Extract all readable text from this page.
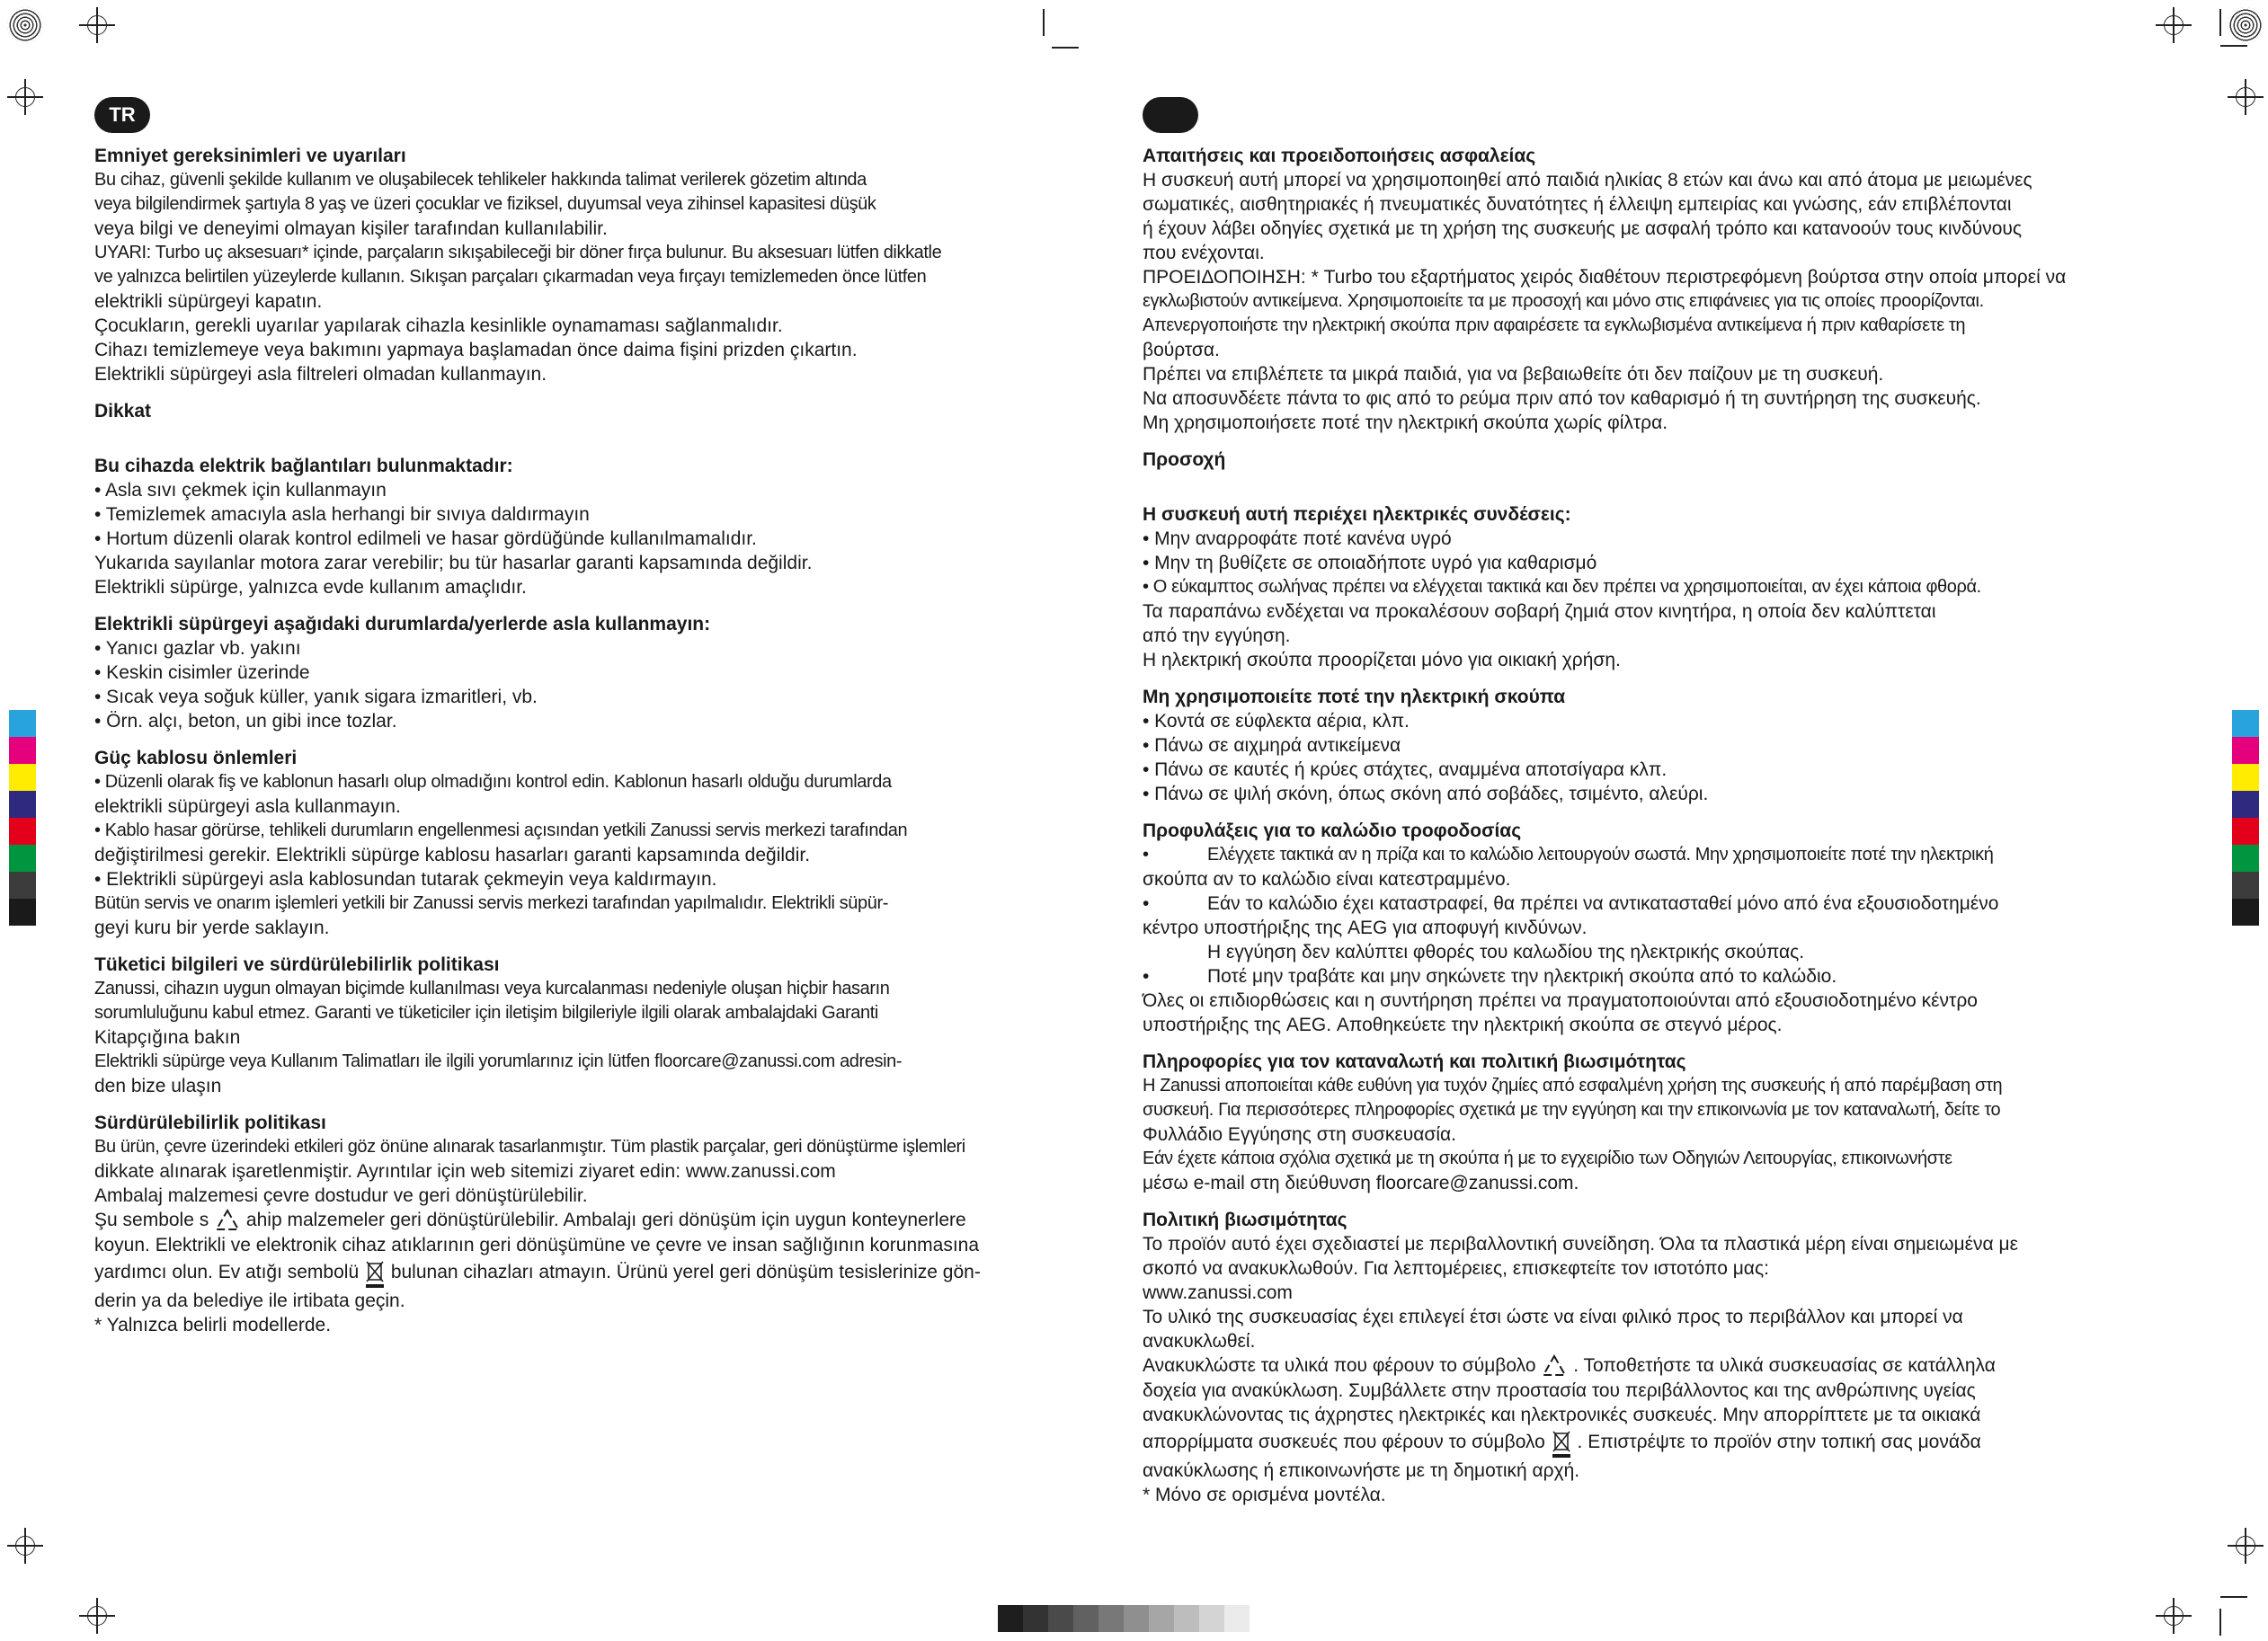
TR
Emniyet gereksinimleri ve uyarıları
Bu cihaz, güvenli şekilde kullanım ve oluşabilecek tehlikeler hakkında talimat verilerek gözetim altında
veya bilgilendirmek şartıyla 8 yaş ve üzeri çocuklar ve fiziksel, duyumsal veya zihinsel kapasitesi düşük
veya bilgi ve deneyimi olmayan kişiler tarafından kullanılabilir.
UYARI: Turbo uç aksesuarı* içinde, parçaların sıkışabileceği bir döner fırça bulunur. Bu aksesuarı lütfen dikkatle
ve yalnızca belirtilen yüzeylerde kullanın. Sıkışan parçaları çıkarmadan veya fırçayı temizlemeden önce lütfen
elektrikli süpürgeyi kapatın.
Çocukların, gerekli uyarılar yapılarak cihazla kesinlikle oynamaması sağlanmalıdır.
Cihazı temizlemeye veya bakımını yapmaya başlamadan önce daima fişini prizden çıkartın.
Elektrikli süpürgeyi asla filtreleri olmadan kullanmayın.
Dikkat
Bu cihazda elektrik bağlantıları bulunmaktadır:
• Asla sıvı çekmek için kullanmayın
• Temizlemek amacıyla asla herhangi bir sıvıya daldırmayın
• Hortum düzenli olarak kontrol edilmeli ve hasar gördüğünde kullanılmamalıdır.
Yukarıda sayılanlar motora zarar verebilir; bu tür hasarlar garanti kapsamında değildir.
Elektrikli süpürge, yalnızca evde kullanım amaçlıdır.
Elektrikli süpürgeyi aşağıdaki durumlarda/yerlerde asla kullanmayın:
• Yanıcı gazlar vb. yakını
• Keskin cisimler üzerinde
• Sıcak veya soğuk küller, yanık sigara izmaritleri, vb.
• Örn. alçı, beton, un gibi ince tozlar.
Güç kablosu önlemleri
• Düzenli olarak fiş ve kablonun hasarlı olup olmadığını kontrol edin. Kablonun hasarlı olduğu durumlarda
elektrikli süpürgeyi asla kullanmayın.
• Kablo hasar görürse, tehlikeli durumların engellenmesi açısından yetkili Zanussi servis merkezi tarafından
değiştirilmesi gerekir. Elektrikli süpürge kablosu hasarları garanti kapsamında değildir.
• Elektrikli süpürgeyi asla kablosundan tutarak çekmeyin veya kaldırmayın.
Bütün servis ve onarım işlemleri yetkili bir Zanussi servis merkezi tarafından yapılmalıdır. Elektrikli süpür-
geyi kuru bir yerde saklayın.
Tüketici bilgileri ve sürdürülebilirlik politikası
Zanussi, cihazın uygun olmayan biçimde kullanılması veya kurcalanması nedeniyle oluşan hiçbir hasarın
sorumluluğunu kabul etmez. Garanti ve tüketiciler için iletişim bilgileriyle ilgili olarak ambalajdaki Garanti
Kitapçığına bakın
Elektrikli süpürge veya Kullanım Talimatları ile ilgili yorumlarınız için lütfen floorcare@zanussi.com adresin-
den bize ulaşın
Sürdürülebilirlik politikası
Bu ürün, çevre üzerindeki etkileri göz önüne alınarak tasarlanmıştır. Tüm plastik parçalar, geri dönüştürme işlemleri
dikkate alınarak işaretlenmiştir. Ayrıntılar için web sitemizi ziyaret edin: www.zanussi.com
Ambalaj malzemesi çevre dostudur ve geri dönüştürülebilir.
Şu sembole s ahip malzemeler geri dönüştürülebilir. Ambalajı geri dönüşüm için uygun konteynerlere
koyun. Elektrikli ve elektronik cihaz atıklarının geri dönüşümüne ve çevre ve insan sağlığının korunmasına
yardımcı olun. Ev atığı sembolü bulunan cihazları atmayın. Ürünü yerel geri dönüşüm tesislerinize gön-
derin ya da belediye ile irtibata geçin.
* Yalnızca belirli modellerde.
Απαιτήσεις και προειδοποιήσεις ασφαλείας
Η συσκευή αυτή μπορεί να χρησιμοποιηθεί από παιδιά ηλικίας 8 ετών και άνω και από άτομα με μειωμένες
σωματικές, αισθητηριακές ή πνευματικές δυνατότητες ή έλλειψη εμπειρίας και γνώσης, εάν επιβλέπονται
ή έχουν λάβει οδηγίες σχετικά με τη χρήση της συσκευής με ασφαλή τρόπο και κατανοούν τους κινδύνους
που ενέχονται.
ΠΡΟΕΙΔΟΠΟΙΗΣΗ: * Turbo του εξαρτήματος χειρός διαθέτουν περιστρεφόμενη βούρτσα στην οποία μπορεί να
εγκλωβιστούν αντικείμενα. Χρησιμοποιείτε τα με προσοχή και μόνο στις επιφάνειες για τις οποίες προορίζονται.
Απενεργοποιήστε την ηλεκτρική σκούπα πριν αφαιρέσετε τα εγκλωβισμένα αντικείμενα ή πριν καθαρίσετε τη
βούρτσα.
Πρέπει να επιβλέπετε τα μικρά παιδιά, για να βεβαιωθείτε ότι δεν παίζουν με τη συσκευή.
Να αποσυνδέετε πάντα το φις από το ρεύμα πριν από τον καθαρισμό ή τη συντήρηση της συσκευής.
Μη χρησιμοποιήσετε ποτέ την ηλεκτρική σκούπα χωρίς φίλτρα.
Προσοχή
Η συσκευή αυτή περιέχει ηλεκτρικές συνδέσεις:
• Μην αναρροφάτε ποτέ κανένα υγρό
• Μην τη βυθίζετε σε οποιαδήποτε υγρό για καθαρισμό
• Ο εύκαμπτος σωλήνας πρέπει να ελέγχεται τακτικά και δεν πρέπει να χρησιμοποιείται, αν έχει κάποια φθορά.
Τα παραπάνω ενδέχεται να προκαλέσουν σοβαρή ζημιά στον κινητήρα, η οποία δεν καλύπτεται
από την εγγύηση.
Η ηλεκτρική σκούπα προορίζεται μόνο για οικιακή χρήση.
Μη χρησιμοποιείτε ποτέ την ηλεκτρική σκούπα
• Κοντά σε εύφλεκτα αέρια, κλπ.
• Πάνω σε αιχμηρά αντικείμενα
• Πάνω σε καυτές ή κρύες στάχτες, αναμμένα αποτσίγαρα κλπ.
• Πάνω σε ψιλή σκόνη, όπως σκόνη από σοβάδες, τσιμέντο, αλεύρι.
Προφυλάξεις για το καλώδιο τροφοδοσίας
•	Ελέγχετε τακτικά αν η πρίζα και το καλώδιο λειτουργούν σωστά. Μην χρησιμοποιείτε ποτέ την ηλεκτρική
σκούπα αν το καλώδιο είναι κατεστραμμένο.
•	Εάν το καλώδιο έχει καταστραφεί, θα πρέπει να αντικατασταθεί μόνο από ένα εξουσιοδοτημένο
κέντρο υποστήριξης της AEG για αποφυγή κινδύνων.
Η εγγύηση δεν καλύπτει φθορές του καλωδίου της ηλεκτρικής σκούπας.
•	Ποτέ μην τραβάτε και μην σηκώνετε την ηλεκτρική σκούπα από το καλώδιο.
Όλες οι επιδιορθώσεις και η συντήρηση πρέπει να πραγματοποιούνται από εξουσιοδοτημένο κέντρο
υποστήριξης της AEG. Αποθηκεύετε την ηλεκτρική σκούπα σε στεγνό μέρος.
Πληροφορίες για τον καταναλωτή και πολιτική βιωσιμότητας
Η Zanussi αποποιείται κάθε ευθύνη για τυχόν ζημίες από εσφαλμένη χρήση της συσκευής ή από παρέμβαση στη
συσκευή. Για περισσότερες πληροφορίες σχετικά με την εγγύηση και την επικοινωνία με τον καταναλωτή, δείτε το
Φυλλάδιο Εγγύησης στη συσκευασία.
Εάν έχετε κάποια σχόλια σχετικά με τη σκούπα ή με το εγχειρίδιο των Οδηγιών Λειτουργίας, επικοινωνήστε
μέσω e-mail στη διεύθυνση floorcare@zanussi.com.
Πολιτική βιωσιμότητας
Το προϊόν αυτό έχει σχεδιαστεί με περιβαλλοντική συνείδηση. Όλα τα πλαστικά μέρη είναι σημειωμένα με
σκοπό να ανακυκλωθούν. Για λεπτομέρειες, επισκεφτείτε τον ιστοτόπο μας:
www.zanussi.com
Το υλικό της συσκευασίας έχει επιλεγεί έτσι ώστε να είναι φιλικό προς το περιβάλλον και μπορεί να
ανακυκλωθεί.
Ανακυκλώστε τα υλικά που φέρουν το σύμβολο . Τοποθετήστε τα υλικά συσκευασίας σε κατάλληλα
δοχεία για ανακύκλωση. Συμβάλλετε στην προστασία του περιβάλλοντος και της ανθρώπινης υγείας
ανακυκλώνοντας τις άχρηστες ηλεκτρικές και ηλεκτρονικές συσκευές. Μην απορρίπτετε με τα οικιακά
απορρίμματα συσκευές που φέρουν το σύμβολο . Επιστρέψτε το προϊόν στην τοπική σας μονάδα
ανακύκλωσης ή επικοινωνήστε με τη δημοτική αρχή.
* Μόνο σε ορισμένα μοντέλα.
